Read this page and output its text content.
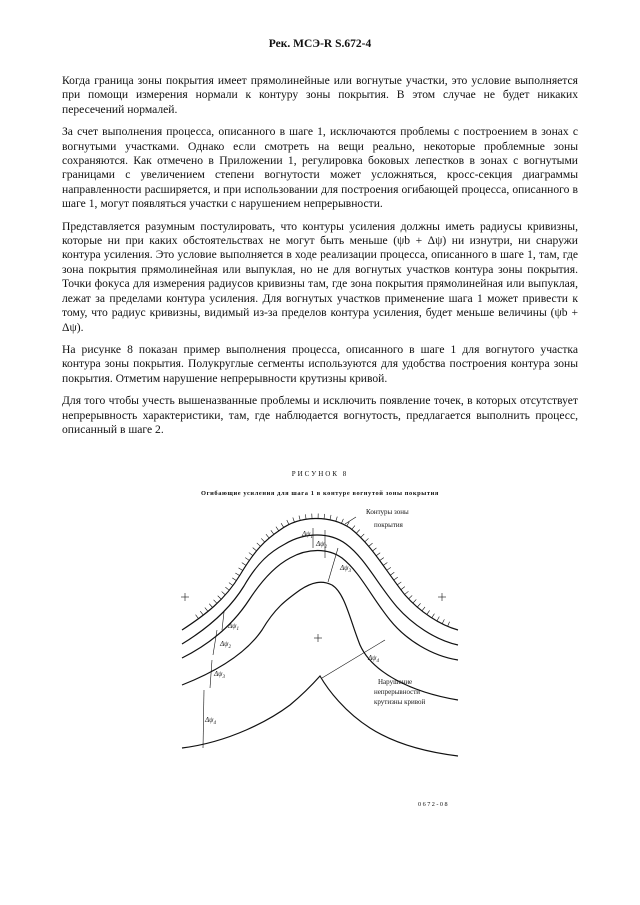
Рек. МСЭ-R S.672-4

Когда граница зоны покрытия имеет прямолинейные или вогнутые участки, это условие выполняется при помощи измерения нормали к контуру зоны покрытия. В этом случае не будет никаких пересечений нормалей.

За счет выполнения процесса, описанного в шаге 1, исключаются проблемы с построением в зонах с вогнутыми участками. Однако если смотреть на вещи реально, некоторые проблемные зоны сохраняются. Как отмечено в Приложении 1, регулировка боковых лепестков в зонах с вогнутыми границами с увеличением степени вогнутости может усложняться, кросс-секция диаграммы направленности расширяется, и при использовании для построения огибающей процесса, описанного в шаге 1, могут появляться участки с нарушением непрерывности.

Представляется разумным постулировать, что контуры усиления должны иметь радиусы кривизны, которые ни при каких обстоятельствах не могут быть меньше (ψb + Δψ) ни изнутри, ни снаружи контура усиления. Это условие выполняется в ходе реализации процесса, описанного в шаге 1, там, где зона покрытия прямолинейная или выпуклая, но не для вогнутых участков контура зоны покрытия. Точки фокуса для измерения радиусов кривизны там, где зона покрытия прямолинейная или выпуклая, лежат за пределами контура усиления. Для вогнутых участков применение шага 1 может привести к тому, что радиус кривизны, видимый из-за пределов контура усиления, будет меньше величины (ψb + Δψ).

На рисунке 8 показан пример выполнения процесса, описанного в шаге 1 для вогнутого участка контура зоны покрытия. Полукруглые сегменты используются для удобства построения контура зоны покрытия. Отметим нарушение непрерывности крутизны кривой.

Для того чтобы учесть вышеназванные проблемы и исключить появление точек, в которых отсутствует непрерывность характеристики, там, где наблюдается вогнутость, предлагается выполнить процесс, описанный в шаге 2.

РИСУНОК 8
Огибающие усиления для шага 1 в контуре вогнутой зоны покрытия
Контуры зоны
покрытия
Нарушение
непрерывности
крутизны кривой
$\Delta\psi_1$
$\Delta\psi_2$
$\Delta\psi_3$
$\Delta\psi_4$
$\Delta\psi_1$
$\Delta\psi_2$
$\Delta\psi_3$
$\Delta\psi_4$
0672-08
